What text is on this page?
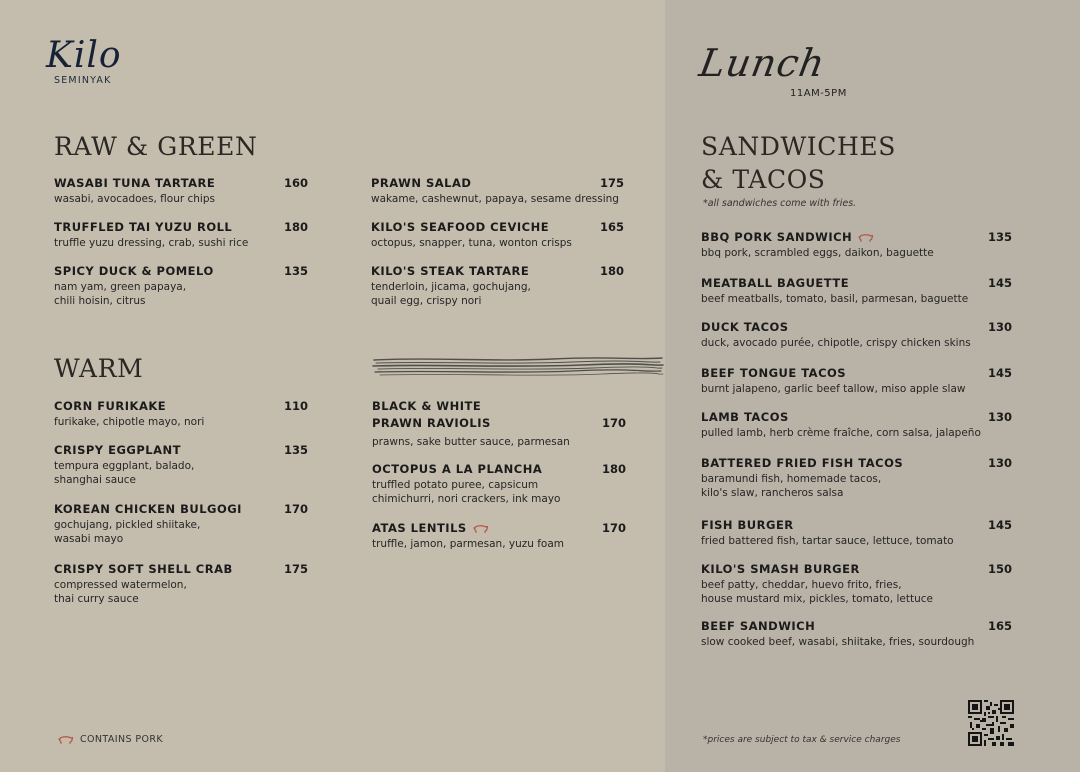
Kilo
SEMINYAK	Lunch
11AM-5PM
RAW & GREEN
WARM
SANDWICHES
& TACOS
*all sandwiches come with fries.
WASABI TUNA TARTARE	160
wasabi, avocadoes, flour chips
TRUFFLED TAI YUZU ROLL	180
truffle yuzu dressing, crab, sushi rice
SPICY DUCK & POMELO	135
nam yam, green papaya,
chili hoisin, citrus
PRAWN SALAD	175
wakame, cashewnut, papaya, sesame dressing
KILO'S SEAFOOD CEVICHE	165
octopus, snapper, tuna, wonton crisps
KILO'S STEAK TARTARE	180
tenderloin, jicama, gochujang,
quail egg, crispy nori
CORN FURIKAKE	110
furikake, chipotle mayo, nori
CRISPY EGGPLANT	135
tempura eggplant, balado,
shanghai sauce
KOREAN CHICKEN BULGOGI	170
gochujang, pickled shiitake,
wasabi mayo
CRISPY SOFT SHELL CRAB	175
compressed watermelon,
thai curry sauce
BLACK & WHITE
PRAWN RAVIOLIS	170
prawns, sake butter sauce, parmesan
OCTOPUS A LA PLANCHA	180
truffled potato puree, capsicum
chimichurri, nori crackers, ink mayo
ATAS LENTILS	170
truffle, jamon, parmesan, yuzu foam
BBQ PORK SANDWICH	135
bbq pork, scrambled eggs, daikon, baguette
MEATBALL BAGUETTE	145
beef meatballs, tomato, basil, parmesan, baguette
DUCK TACOS	130
duck, avocado purée, chipotle, crispy chicken skins
BEEF TONGUE TACOS	145
burnt jalapeno, garlic beef tallow, miso apple slaw
LAMB TACOS	130
pulled lamb, herb crème fraîche, corn salsa, jalapeño
BATTERED FRIED FISH TACOS	130
baramundi fish, homemade tacos,
kilo's slaw, rancheros salsa
FISH BURGER	145
fried battered fish, tartar sauce, lettuce, tomato
KILO'S SMASH BURGER	150
beef patty, cheddar, huevo frito, fries,
house mustard mix, pickles, tomato, lettuce
BEEF SANDWICH	165
slow cooked beef, wasabi, shiitake, fries, sourdough
CONTAINS PORK	*prices are subject to tax & service charges
